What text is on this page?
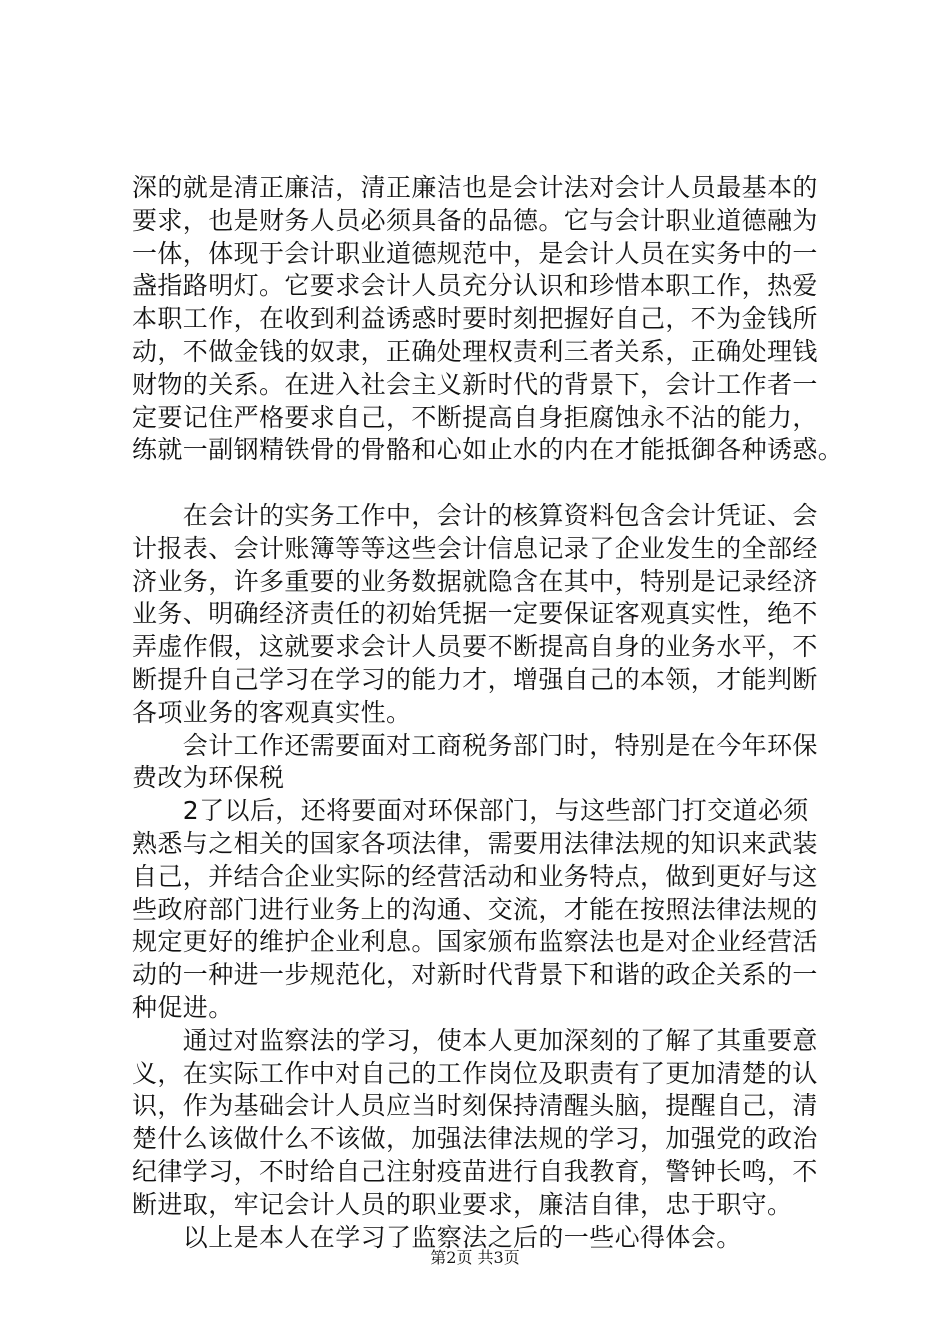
深的就是清正廉洁，清正廉洁也是会计法对会计人员最基本的
要求，也是财务人员必须具备的品德。它与会计职业道德融为
一体，体现于会计职业道德规范中，是会计人员在实务中的一
盏指路明灯。它要求会计人员充分认识和珍惜本职工作，热爱
本职工作，在收到利益诱惑时要时刻把握好自己，不为金钱所
动，不做金钱的奴隶，正确处理权责利三者关系，正确处理钱
财物的关系。在进入社会主义新时代的背景下，会计工作者一
定要记住严格要求自己，不断提高自身拒腐蚀永不沾的能力，
练就一副钢精铁骨的骨骼和心如止水的内在才能抵御各种诱惑。
　　在会计的实务工作中，会计的核算资料包含会计凭证、会
计报表、会计账簿等等这些会计信息记录了企业发生的全部经
济业务，许多重要的业务数据就隐含在其中，特别是记录经济
业务、明确经济责任的初始凭据一定要保证客观真实性，绝不
弄虚作假，这就要求会计人员要不断提高自身的业务水平，不
断提升自己学习在学习的能力才，增强自己的本领，才能判断
各项业务的客观真实性。
　　会计工作还需要面对工商税务部门时，特别是在今年环保
费改为环保税
　　2了以后，还将要面对环保部门，与这些部门打交道必须
熟悉与之相关的国家各项法律，需要用法律法规的知识来武装
自己，并结合企业实际的经营活动和业务特点，做到更好与这
些政府部门进行业务上的沟通、交流，才能在按照法律法规的
规定更好的维护企业利息。国家颁布监察法也是对企业经营活
动的一种进一步规范化，对新时代背景下和谐的政企关系的一
种促进。
　　通过对监察法的学习，使本人更加深刻的了解了其重要意
义，在实际工作中对自己的工作岗位及职责有了更加清楚的认
识，作为基础会计人员应当时刻保持清醒头脑，提醒自己，清
楚什么该做什么不该做，加强法律法规的学习，加强党的政治
纪律学习，不时给自己注射疫苗进行自我教育，警钟长鸣，不
断进取，牢记会计人员的职业要求，廉洁自律，忠于职守。
　　以上是本人在学习了监察法之后的一些心得体会。
第2页 共3页
